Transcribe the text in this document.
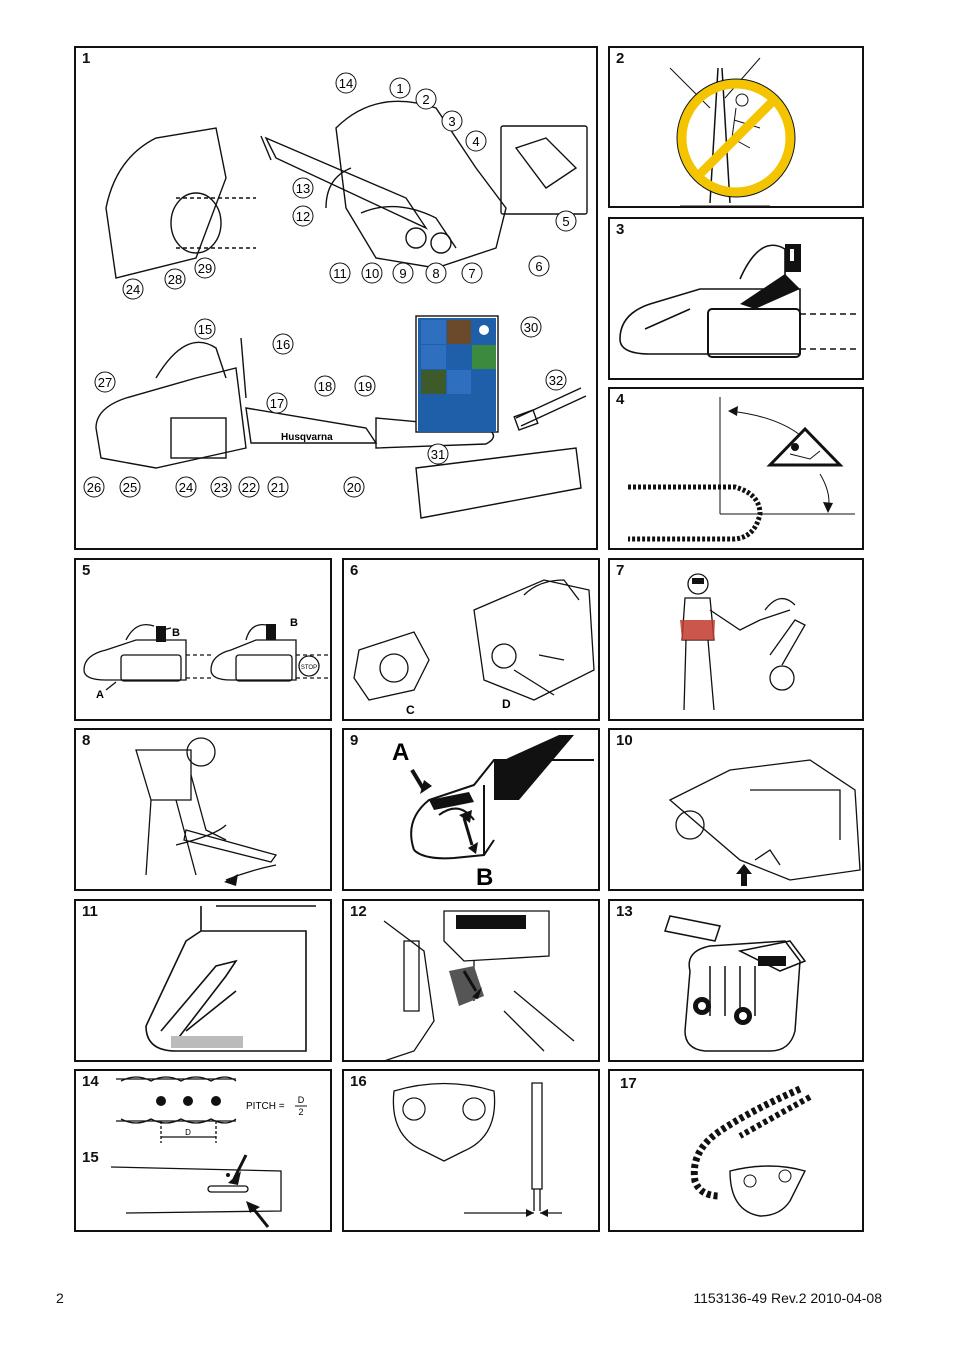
1
14	1
2
3
4
5
6
7
8
9
10
11
12
13
24
28
29
15
16
17
18 19
20
21
22
23
24
25
26
27
30
31
32
Husqvarna
2
3
4
5
A
B
B
STOP
6
C	D
7
8	9 A
B
10
11	12	13
14
15
PITCH =
D
2
D
16	17
2	1153136-49 Rev.2 2010-04-08
